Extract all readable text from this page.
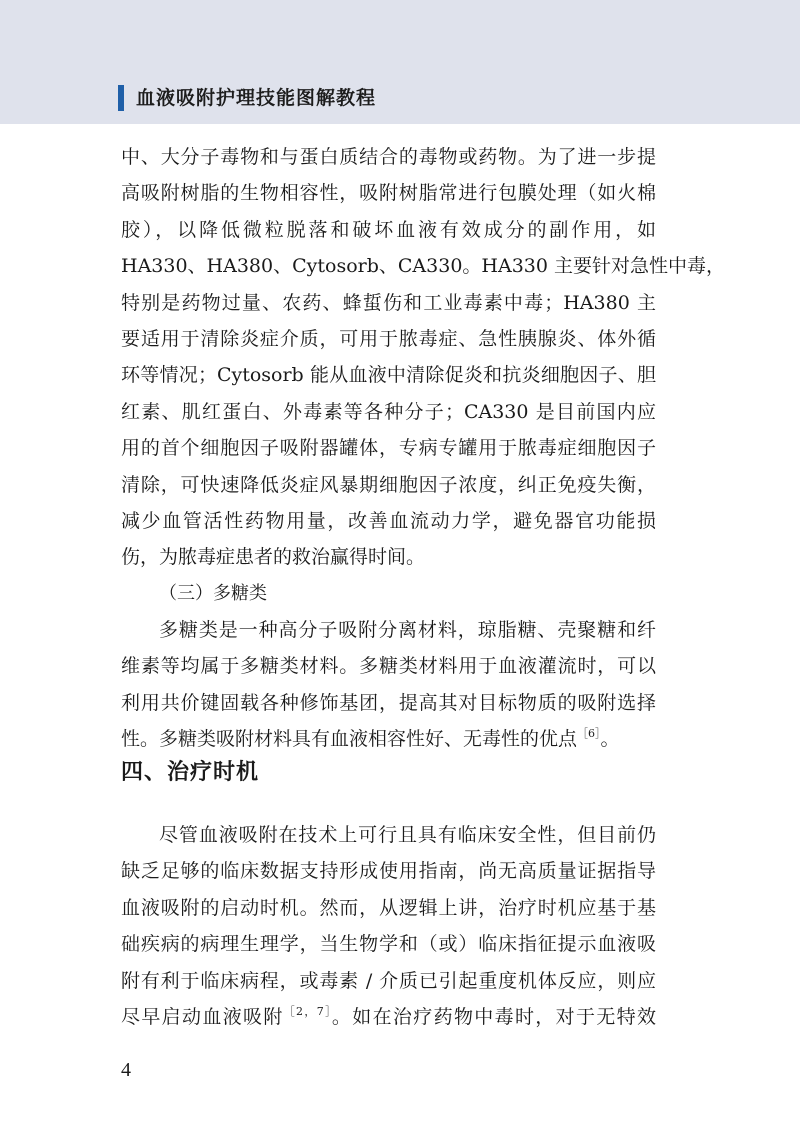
血液吸附护理技能图解教程
中、大分子毒物和与蛋白质结合的毒物或药物。为了进一步提
高吸附树脂的生物相容性，吸附树脂常进行包膜处理（如火棉
胶），以降低微粒脱落和破坏血液有效成分的副作用，如
HA330、HA380、Cytosorb、CA330。HA330 主要针对急性中毒，
特别是药物过量、农药、蜂蜇伤和工业毒素中毒；HA380 主
要适用于清除炎症介质，可用于脓毒症、急性胰腺炎、体外循
环等情况；Cytosorb 能从血液中清除促炎和抗炎细胞因子、胆
红素、肌红蛋白、外毒素等各种分子；CA330 是目前国内应
用的首个细胞因子吸附器罐体，专病专罐用于脓毒症细胞因子
清除，可快速降低炎症风暴期细胞因子浓度，纠正免疫失衡，
减少血管活性药物用量，改善血流动力学，避免器官功能损
伤，为脓毒症患者的救治赢得时间。
（三）多糖类
多糖类是一种高分子吸附分离材料，琼脂糖、壳聚糖和纤
维素等均属于多糖类材料。多糖类材料用于血液灌流时，可以
利用共价键固载各种修饰基团，提高其对目标物质的吸附选择
性。多糖类吸附材料具有血液相容性好、无毒性的优点$^{[6]}$。
四、治疗时机
尽管血液吸附在技术上可行且具有临床安全性，但目前仍
缺乏足够的临床数据支持形成使用指南，尚无高质量证据指导
血液吸附的启动时机。然而，从逻辑上讲，治疗时机应基于基
础疾病的病理生理学，当生物学和（或）临床指征提示血液吸
附有利于临床病程，或毒素 / 介质已引起重度机体反应，则应
尽早启动血液吸附$^{[2,7]}$。如在治疗药物中毒时，对于无特效
4
